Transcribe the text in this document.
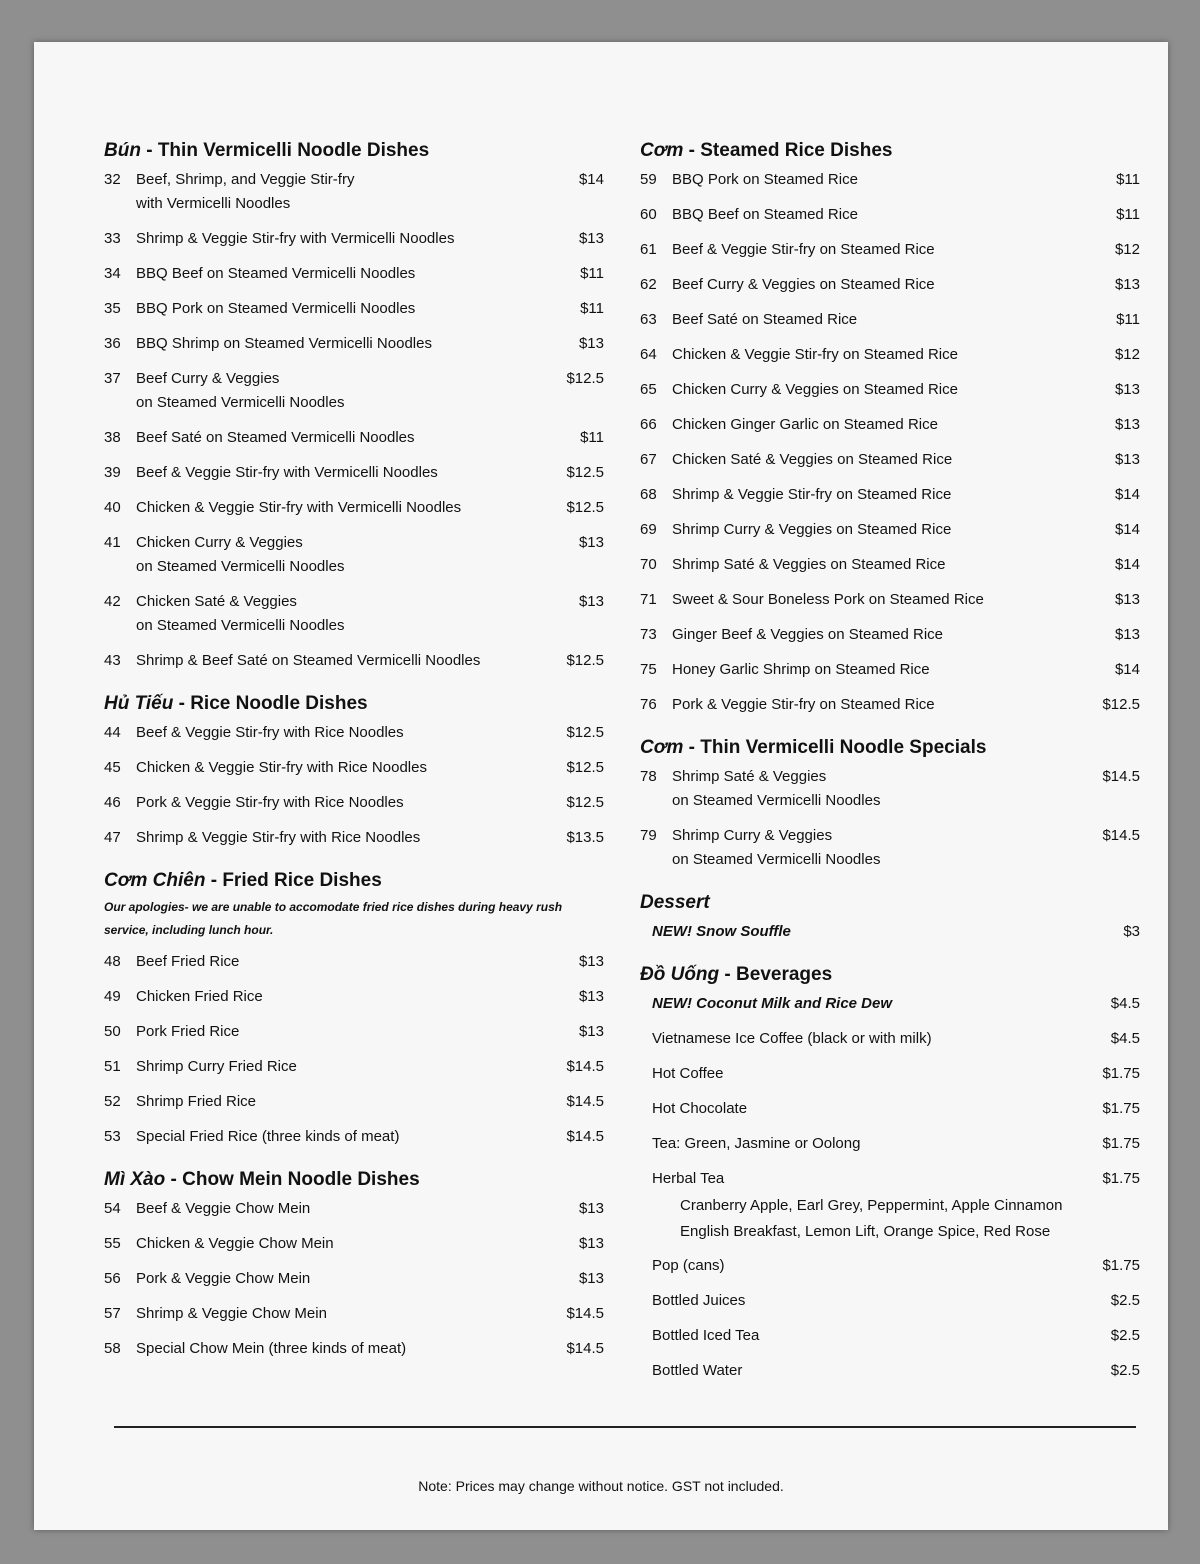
Bún - Thin Vermicelli Noodle Dishes
32	Beef, Shrimp, and Veggie Stir-fry
with Vermicelli Noodles
$14
33	Shrimp & Veggie Stir-fry with Vermicelli Noodles	$13
34	BBQ Beef on Steamed Vermicelli Noodles	$11
35	BBQ Pork on Steamed Vermicelli Noodles	$11
36	BBQ Shrimp on Steamed Vermicelli Noodles	$13
37	Beef Curry & Veggies
on Steamed Vermicelli Noodles
$12.5
38	Beef Saté on Steamed Vermicelli Noodles	$11
39	Beef & Veggie Stir-fry with Vermicelli Noodles	$12.5
40	Chicken & Veggie Stir-fry with Vermicelli Noodles	$12.5
41	Chicken Curry & Veggies
on Steamed Vermicelli Noodles
$13
42	Chicken Saté & Veggies
on Steamed Vermicelli Noodles
$13
43	Shrimp & Beef Saté on Steamed Vermicelli Noodles	$12.5
Hủ Tiếu - Rice Noodle Dishes
44	Beef & Veggie Stir-fry with Rice Noodles	$12.5
45	Chicken & Veggie Stir-fry with Rice Noodles	$12.5
46	Pork & Veggie Stir-fry with Rice Noodles	$12.5
47	Shrimp & Veggie Stir-fry with Rice Noodles	$13.5
Cơm Chiên - Fried Rice Dishes
Our apologies- we are unable to accomodate fried rice dishes during heavy rush service, including lunch hour.
48	Beef Fried Rice	$13
49	Chicken Fried Rice	$13
50	Pork Fried Rice	$13
51	Shrimp Curry Fried Rice	$14.5
52	Shrimp Fried Rice	$14.5
53	Special Fried Rice (three kinds of meat)	$14.5
Mì Xào - Chow Mein Noodle Dishes
54	Beef & Veggie Chow Mein	$13
55	Chicken & Veggie Chow Mein	$13
56	Pork & Veggie Chow Mein	$13
57	Shrimp & Veggie Chow Mein	$14.5
58	Special Chow Mein (three kinds of meat)	$14.5
Cơm - Steamed Rice Dishes
59	BBQ Pork on Steamed Rice	$11
60	BBQ Beef on Steamed Rice	$11
61	Beef & Veggie Stir-fry on Steamed Rice	$12
62	Beef Curry & Veggies on Steamed Rice	$13
63	Beef Saté on Steamed Rice	$11
64	Chicken & Veggie Stir-fry on Steamed Rice	$12
65	Chicken Curry & Veggies on Steamed Rice	$13
66	Chicken Ginger Garlic on Steamed Rice	$13
67	Chicken Saté & Veggies on Steamed Rice	$13
68	Shrimp & Veggie Stir-fry on Steamed Rice	$14
69	Shrimp Curry & Veggies on Steamed Rice	$14
70	Shrimp Saté & Veggies on Steamed Rice	$14
71	Sweet & Sour Boneless Pork on Steamed Rice	$13
73	Ginger Beef & Veggies on Steamed Rice	$13
75	Honey Garlic Shrimp on Steamed Rice	$14
76	Pork & Veggie Stir-fry on Steamed Rice	$12.5
Cơm - Thin Vermicelli Noodle Specials
78	Shrimp Saté & Veggies
on Steamed Vermicelli Noodles
$14.5
79	Shrimp Curry & Veggies
on Steamed Vermicelli Noodles
$14.5
Dessert
NEW! Snow Souffle	$3
Đồ Uống - Beverages
NEW! Coconut Milk and Rice Dew	$4.5
Vietnamese Ice Coffee (black or with milk)	$4.5
Hot Coffee	$1.75
Hot Chocolate	$1.75
Tea: Green, Jasmine or Oolong	$1.75
Herbal Tea	$1.75
Cranberry Apple, Earl Grey, Peppermint, Apple Cinnamon
English Breakfast, Lemon Lift, Orange Spice, Red Rose
Pop (cans)	$1.75
Bottled Juices	$2.5
Bottled Iced Tea	$2.5
Bottled Water	$2.5
Note: Prices may change without notice. GST not included.
